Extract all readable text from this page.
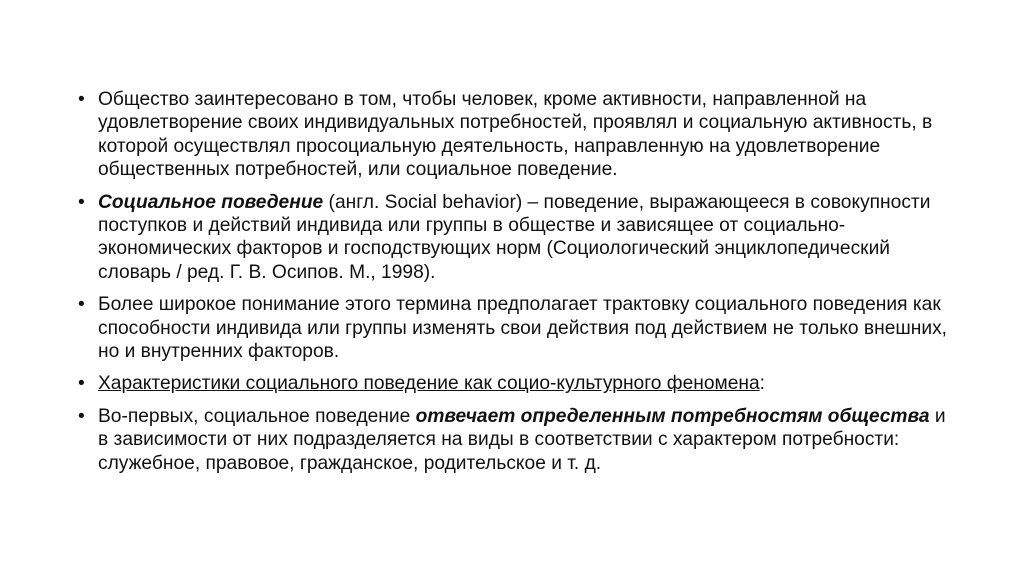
• Общество заинтересовано в том, чтобы человек, кроме активности, направленной на удовлетворение своих индивидуальных потребностей, проявлял и социальную активность, в которой осуществлял просоциальную деятельность, направленную на удовлетворение общественных потребностей, или социальное поведение.
• Социальное поведение (англ. Social behavior) – поведение, выражающееся в совокупности поступков и действий индивида или группы в обществе и зависящее от социально-экономических факторов и господствующих норм (Социологический энциклопедический словарь / ред. Г. В. Осипов. М., 1998).
• Более широкое понимание этого термина предполагает трактовку социального поведения как способности индивида или группы изменять свои действия под действием не только внешних, но и внутренних факторов.
• Характеристики социального поведение как социо-культурного феномена:
• Во-первых, социальное поведение отвечает определенным потребностям общества и в зависимости от них подразделяется на виды в соответствии с характером потребности: служебное, правовое, гражданское, родительское и т. д.
